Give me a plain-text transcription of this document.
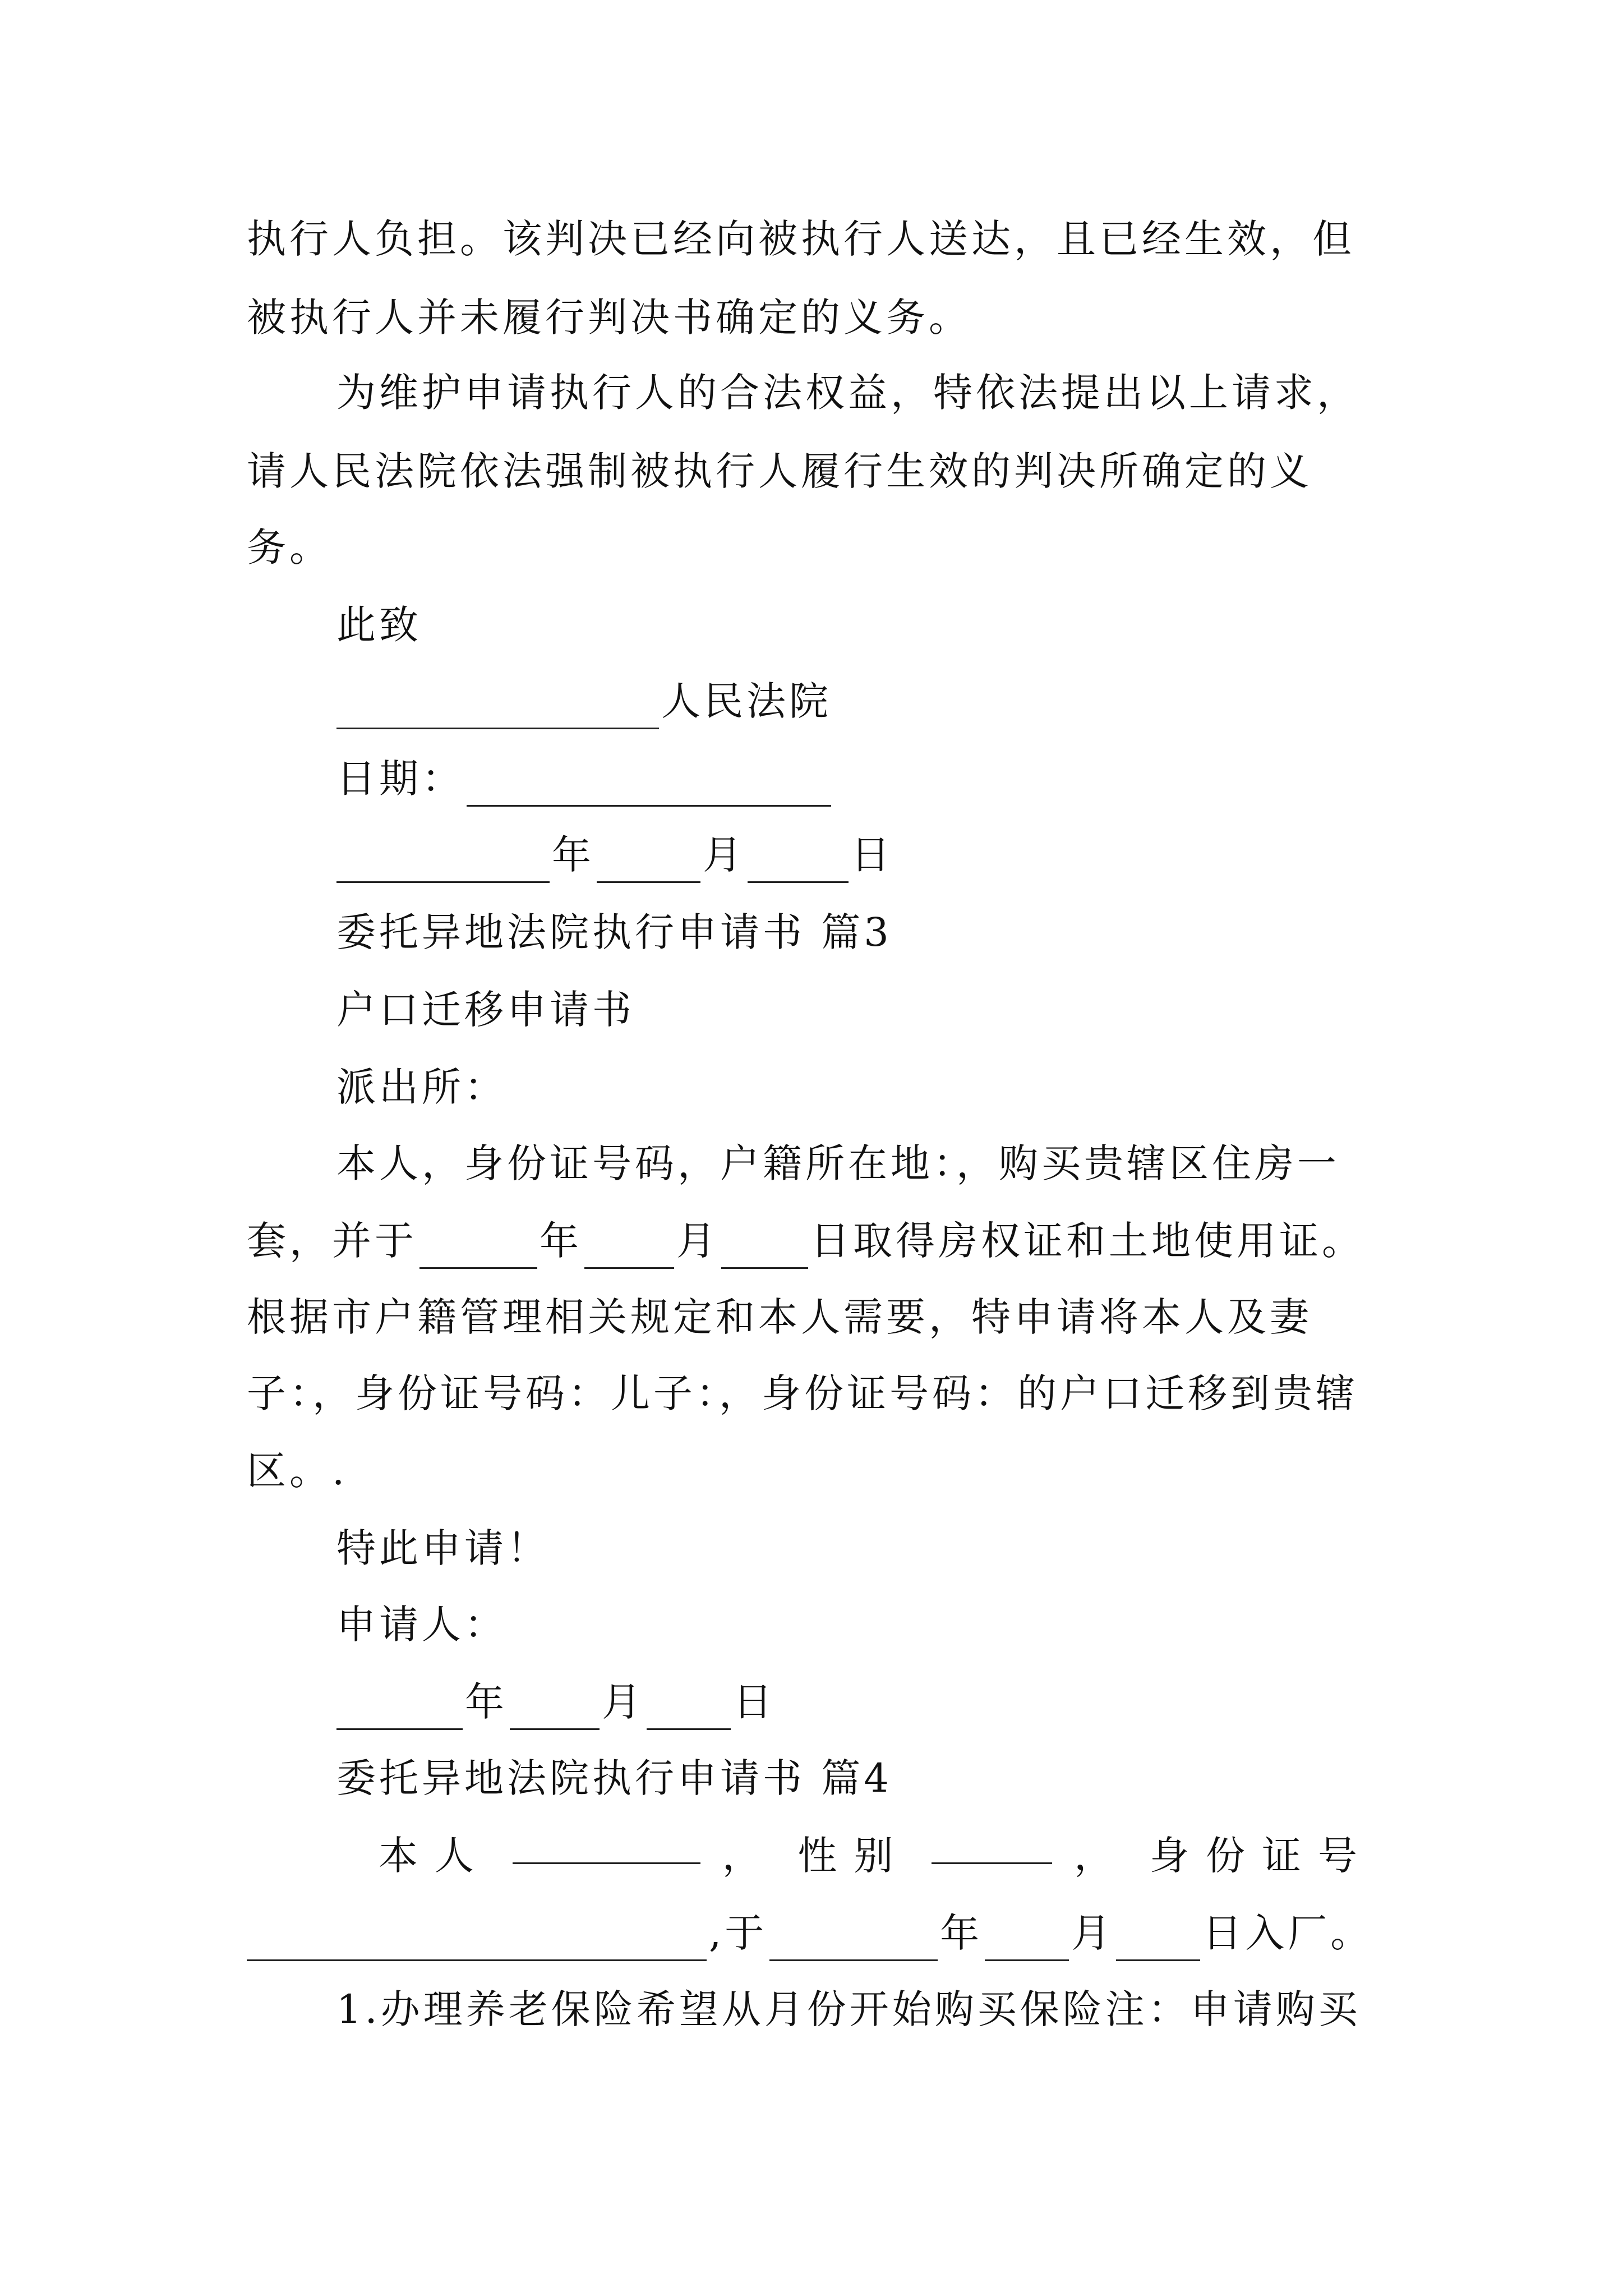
执行人负担。该判决已经向被执行人送达，且已经生效，但
被执行人并未履行判决书确定的义务。
为维护申请执行人的合法权益，特依法提出以上请求，
请人民法院依法强制被执行人履行生效的判决所确定的义
务。
此致
人民法院
日期：
年	月	日
委托异地法院执行申请书 篇3
户口迁移申请书
派出所：
本人，身份证号码，户籍所在地：，购买贵辖区住房一
套，并于	年 月 日取得房权证和土地使用证。
根据市户籍管理相关规定和本人需要，特申请将本人及妻
子：，身份证号码：儿子：，身份证号码：的户口迁移到贵辖
区。.
特此申请！
申请人：
年 月 日
委托异地法院执行申请书 篇4
本人	， 性别	， 身份证号
,于	年 月 日入厂。
1.办理养老保险希望从月份开始购买保险注：申请购买
